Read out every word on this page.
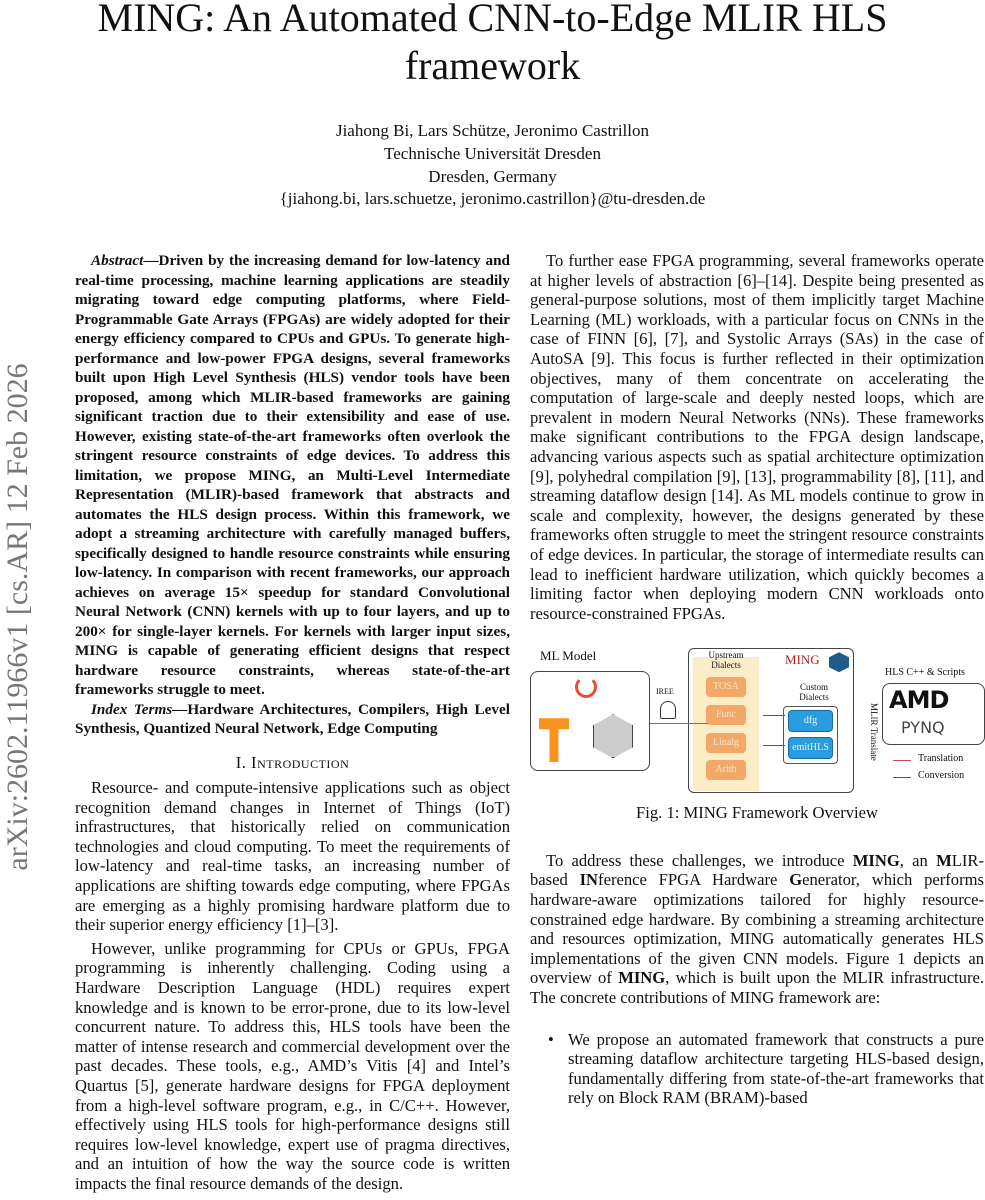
arXiv:2602.11966v1 [cs.AR] 12 Feb 2026
MING: An Automated CNN-to-Edge MLIR HLS
framework
Jiahong Bi, Lars Schütze, Jeronimo Castrillon
Technische Universität Dresden
Dresden, Germany
{jiahong.bi, lars.schuetze, jeronimo.castrillon}@tu-dresden.de

Abstract—Driven by the increasing demand for low-latency and real-time processing, machine learning applications are steadily migrating toward edge computing platforms, where Field-Programmable Gate Arrays (FPGAs) are widely adopted for their energy efficiency compared to CPUs and GPUs. To generate high-performance and low-power FPGA designs, several frameworks built upon High Level Synthesis (HLS) vendor tools have been proposed, among which MLIR-based frameworks are gaining significant traction due to their extensibility and ease of use. However, existing state-of-the-art frameworks often overlook the stringent resource constraints of edge devices. To address this limitation, we propose MING, an Multi-Level Intermediate Representation (MLIR)-based framework that abstracts and automates the HLS design process. Within this framework, we adopt a streaming architecture with carefully managed buffers, specifically designed to handle resource constraints while ensuring low-latency. In comparison with recent frameworks, our approach achieves on average 15× speedup for standard Convolutional Neural Network (CNN) kernels with up to four layers, and up to 200× for single-layer kernels. For kernels with larger input sizes, MING is capable of generating efficient designs that respect hardware resource constraints, whereas state-of-the-art frameworks struggle to meet.

Index Terms—Hardware Architectures, Compilers, High Level Synthesis, Quantized Neural Network, Edge Computing

I. Introduction

Resource- and compute-intensive applications such as object recognition demand changes in Internet of Things (IoT) infrastructures, that historically relied on communication technologies and cloud computing. To meet the requirements of low-latency and real-time tasks, an increasing number of applications are shifting towards edge computing, where FPGAs are emerging as a highly promising hardware platform due to their superior energy efficiency [1]–[3].

However, unlike programming for CPUs or GPUs, FPGA programming is inherently challenging. Coding using a Hardware Description Language (HDL) requires expert knowledge and is known to be error-prone, due to its low-level concurrent nature. To address this, HLS tools have been the matter of intense research and commercial development over the past decades. These tools, e.g., AMD’s Vitis [4] and Intel’s Quartus [5], generate hardware designs for FPGA deployment from a high-level software program, e.g., in C/C++. However, effectively using HLS tools for high-performance designs still requires low-level knowledge, expert use of pragma directives, and an intuition of how the way the source code is written impacts the final resource demands of the design.

To further ease FPGA programming, several frameworks operate at higher levels of abstraction [6]–[14]. Despite being presented as general-purpose solutions, most of them implicitly target Machine Learning (ML) workloads, with a particular focus on CNNs in the case of FINN [6], [7], and Systolic Arrays (SAs) in the case of AutoSA [9]. This focus is further reflected in their optimization objectives, many of them concentrate on accelerating the computation of large-scale and deeply nested loops, which are prevalent in modern Neural Networks (NNs). These frameworks make significant contributions to the FPGA design landscape, advancing various aspects such as spatial architecture optimization [9], polyhedral compilation [9], [13], programmability [8], [11], and streaming dataflow design [14]. As ML models continue to grow in scale and complexity, however, the designs generated by these frameworks often struggle to meet the stringent resource constraints of edge devices. In particular, the storage of intermediate results can lead to inefficient hardware utilization, which quickly becomes a limiting factor when deploying modern CNN workloads onto resource-constrained FPGAs.

ML Model
IREE
Upstream Dialects
TOSA
Func
Linalg
Arith
MING
Custom Dialects
dfg
emitHLS	MLIR Translate
HLS C++ & Scripts
AMD
PYNQ
Translation
Conversion

Fig. 1: MING Framework Overview

To address these challenges, we introduce MING, an MLIR-based INference FPGA Hardware Generator, which performs hardware-aware optimizations tailored for highly resource-constrained edge hardware. By combining a streaming architecture and resources optimization, MING automatically generates HLS implementations of the given CNN models. Figure 1 depicts an overview of MING, which is built upon the MLIR infrastructure. The concrete contributions of MING framework are:

• We propose an automated framework that constructs a pure streaming dataflow architecture targeting HLS-based design, fundamentally differing from state-of-the-art frameworks that rely on Block RAM (BRAM)-based
